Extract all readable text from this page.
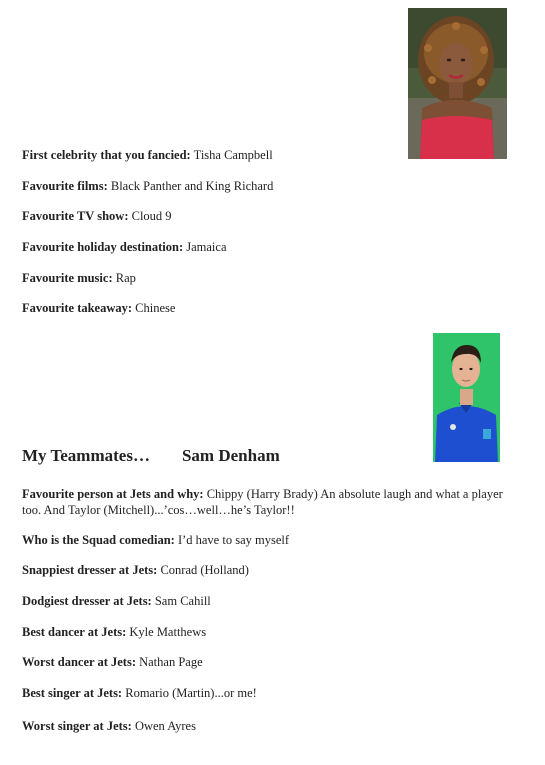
First celebrity that you fancied: Tisha Campbell
Favourite films: Black Panther and King Richard
Favourite TV show: Cloud 9
Favourite holiday destination: Jamaica
Favourite music: Rap
Favourite takeaway: Chinese
My Teammates… Sam Denham
Favourite person at Jets and why: Chippy (Harry Brady) An absolute laugh and what a player too. And Taylor (Mitchell)...’cos…well…he’s Taylor!!
Who is the Squad comedian: I’d have to say myself
Snappiest dresser at Jets: Conrad (Holland)
Dodgiest dresser at Jets: Sam Cahill
Best dancer at Jets: Kyle Matthews
Worst dancer at Jets: Nathan Page
Best singer at Jets: Romario (Martin)...or me!
Worst singer at Jets: Owen Ayres
